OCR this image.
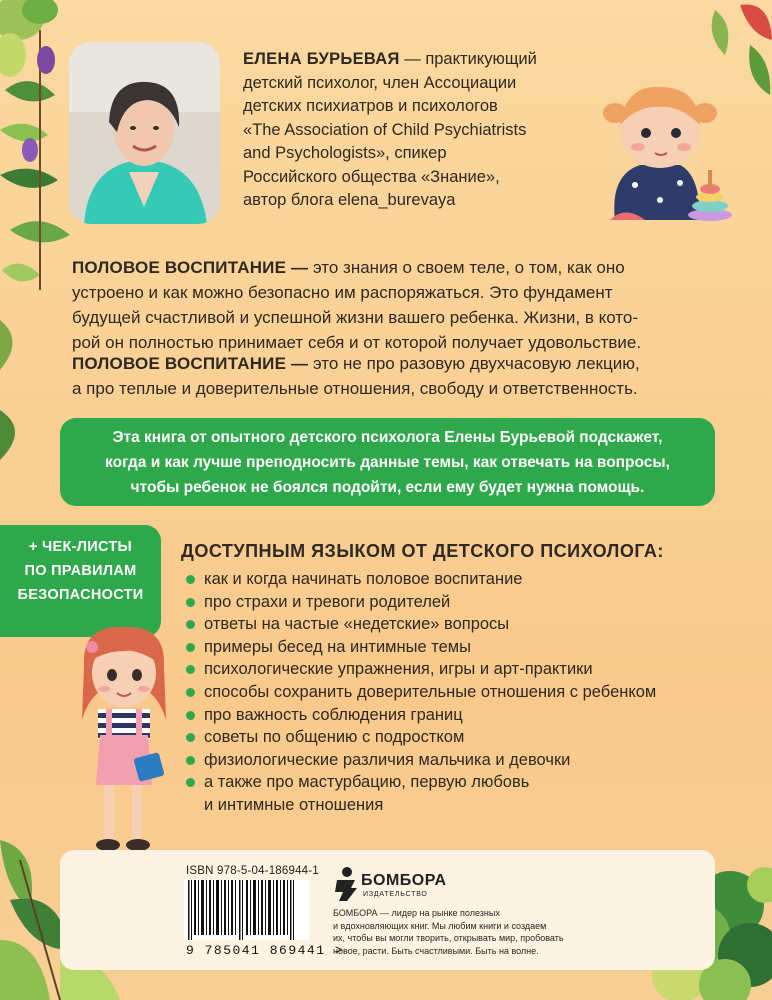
ЕЛЕНА БУРЬЕВАЯ — практикующий
детский психолог, член Ассоциации
детских психиатров и психологов
«The Association of Child Psychiatrists
and Psychologists», спикер
Российского общества «Знание»,
автор блога elena_burevaya
ПОЛОВОЕ ВОСПИТАНИЕ — это знания о своем теле, о том, как оно
устроено и как можно безопасно им распоряжаться. Это фундамент
будущей счастливой и успешной жизни вашего ребенка. Жизни, в кото-
рой он полностью принимает себя и от которой получает удовольствие.
ПОЛОВОЕ ВОСПИТАНИЕ — это не про разовую двухчасовую лекцию,
а про теплые и доверительные отношения, свободу и ответственность.
Эта книга от опытного детского психолога Елены Бурьевой подскажет,
когда и как лучше преподносить данные темы, как отвечать на вопросы,
чтобы ребенок не боялся подойти, если ему будет нужна помощь.
+ ЧЕК-ЛИСТЫ
ПО ПРАВИЛАМ
БЕЗОПАСНОСТИ
ДОСТУПНЫМ ЯЗЫКОМ ОТ ДЕТСКОГО ПСИХОЛОГА:
как и когда начинать половое воспитание
про страхи и тревоги родителей
ответы на частые «недетские» вопросы
примеры бесед на интимные темы
психологические упражнения, игры и арт-практики
способы сохранить доверительные отношения с ребенком
про важность соблюдения границ
советы по общению с подростком
физиологические различия мальчика и девочки
а также про мастурбацию, первую любовь
и интимные отношения
ISBN 978-5-04-186944-1
9 785041 869441 >
БОМБОРА
ИЗДАТЕЛЬСТВО
БОМБОРА — лидер на рынке полезных
и вдохновляющих книг. Мы любим книги и создаем
их, чтобы вы могли творить, открывать мир, пробовать
новое, расти. Быть счастливыми. Быть на волне.
